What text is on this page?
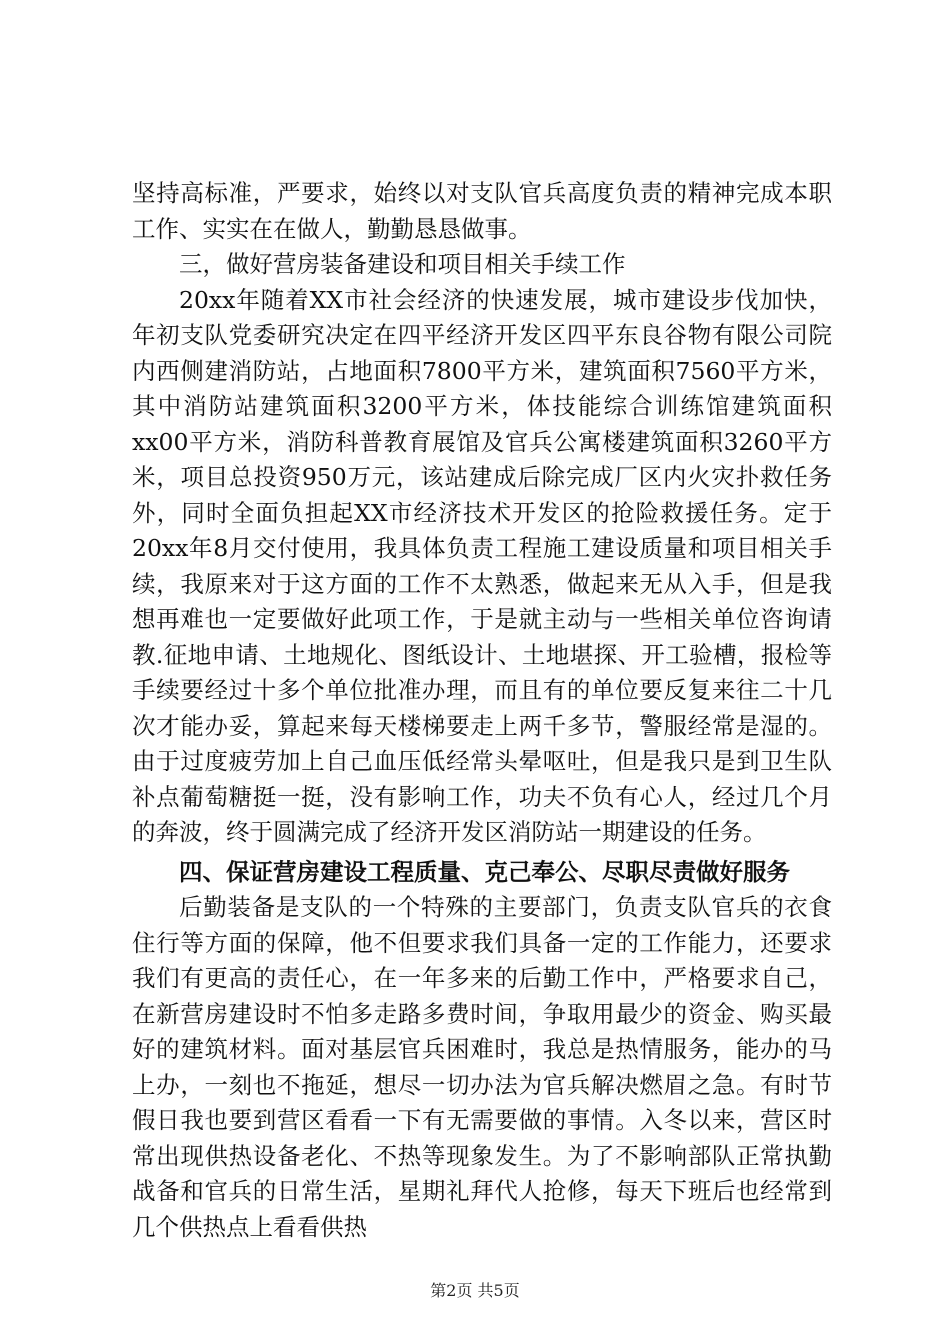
坚持高标准，严要求，始终以对支队官兵高度负责的精神完成本职工作、实实在在做人，勤勤恳恳做事。

三，做好营房装备建设和项目相关手续工作

20xx年随着XX市社会经济的快速发展，城市建设步伐加快，年初支队党委研究决定在四平经济开发区四平东良谷物有限公司院内西侧建消防站，占地面积7800平方米，建筑面积7560平方米，其中消防站建筑面积3200平方米，体技能综合训练馆建筑面积xx00平方米，消防科普教育展馆及官兵公寓楼建筑面积3260平方米，项目总投资950万元，该站建成后除完成厂区内火灾扑救任务外，同时全面负担起XX市经济技术开发区的抢险救援任务。定于20xx年8月交付使用，我具体负责工程施工建设质量和项目相关手续，我原来对于这方面的工作不太熟悉，做起来无从入手，但是我想再难也一定要做好此项工作，于是就主动与一些相关单位咨询请教.征地申请、土地规化、图纸设计、土地堪探、开工验槽，报检等手续要经过十多个单位批准办理，而且有的单位要反复来往二十几次才能办妥，算起来每天楼梯要走上两千多节，警服经常是湿的。由于过度疲劳加上自己血压低经常头晕呕吐，但是我只是到卫生队补点葡萄糖挺一挺，没有影响工作，功夫不负有心人，经过几个月的奔波，终于圆满完成了经济开发区消防站一期建设的任务。

四、保证营房建设工程质量、克己奉公、尽职尽责做好服务

后勤装备是支队的一个特殊的主要部门，负责支队官兵的衣食住行等方面的保障，他不但要求我们具备一定的工作能力，还要求我们有更高的责任心，在一年多来的后勤工作中，严格要求自己，在新营房建设时不怕多走路多费时间，争取用最少的资金、购买最好的建筑材料。面对基层官兵困难时，我总是热情服务，能办的马上办，一刻也不拖延，想尽一切办法为官兵解决燃眉之急。有时节假日我也要到营区看看一下有无需要做的事情。入冬以来，营区时常出现供热设备老化、不热等现象发生。为了不影响部队正常执勤战备和官兵的日常生活，星期礼拜代人抢修，每天下班后也经常到几个供热点上看看供热

第2页 共5页
